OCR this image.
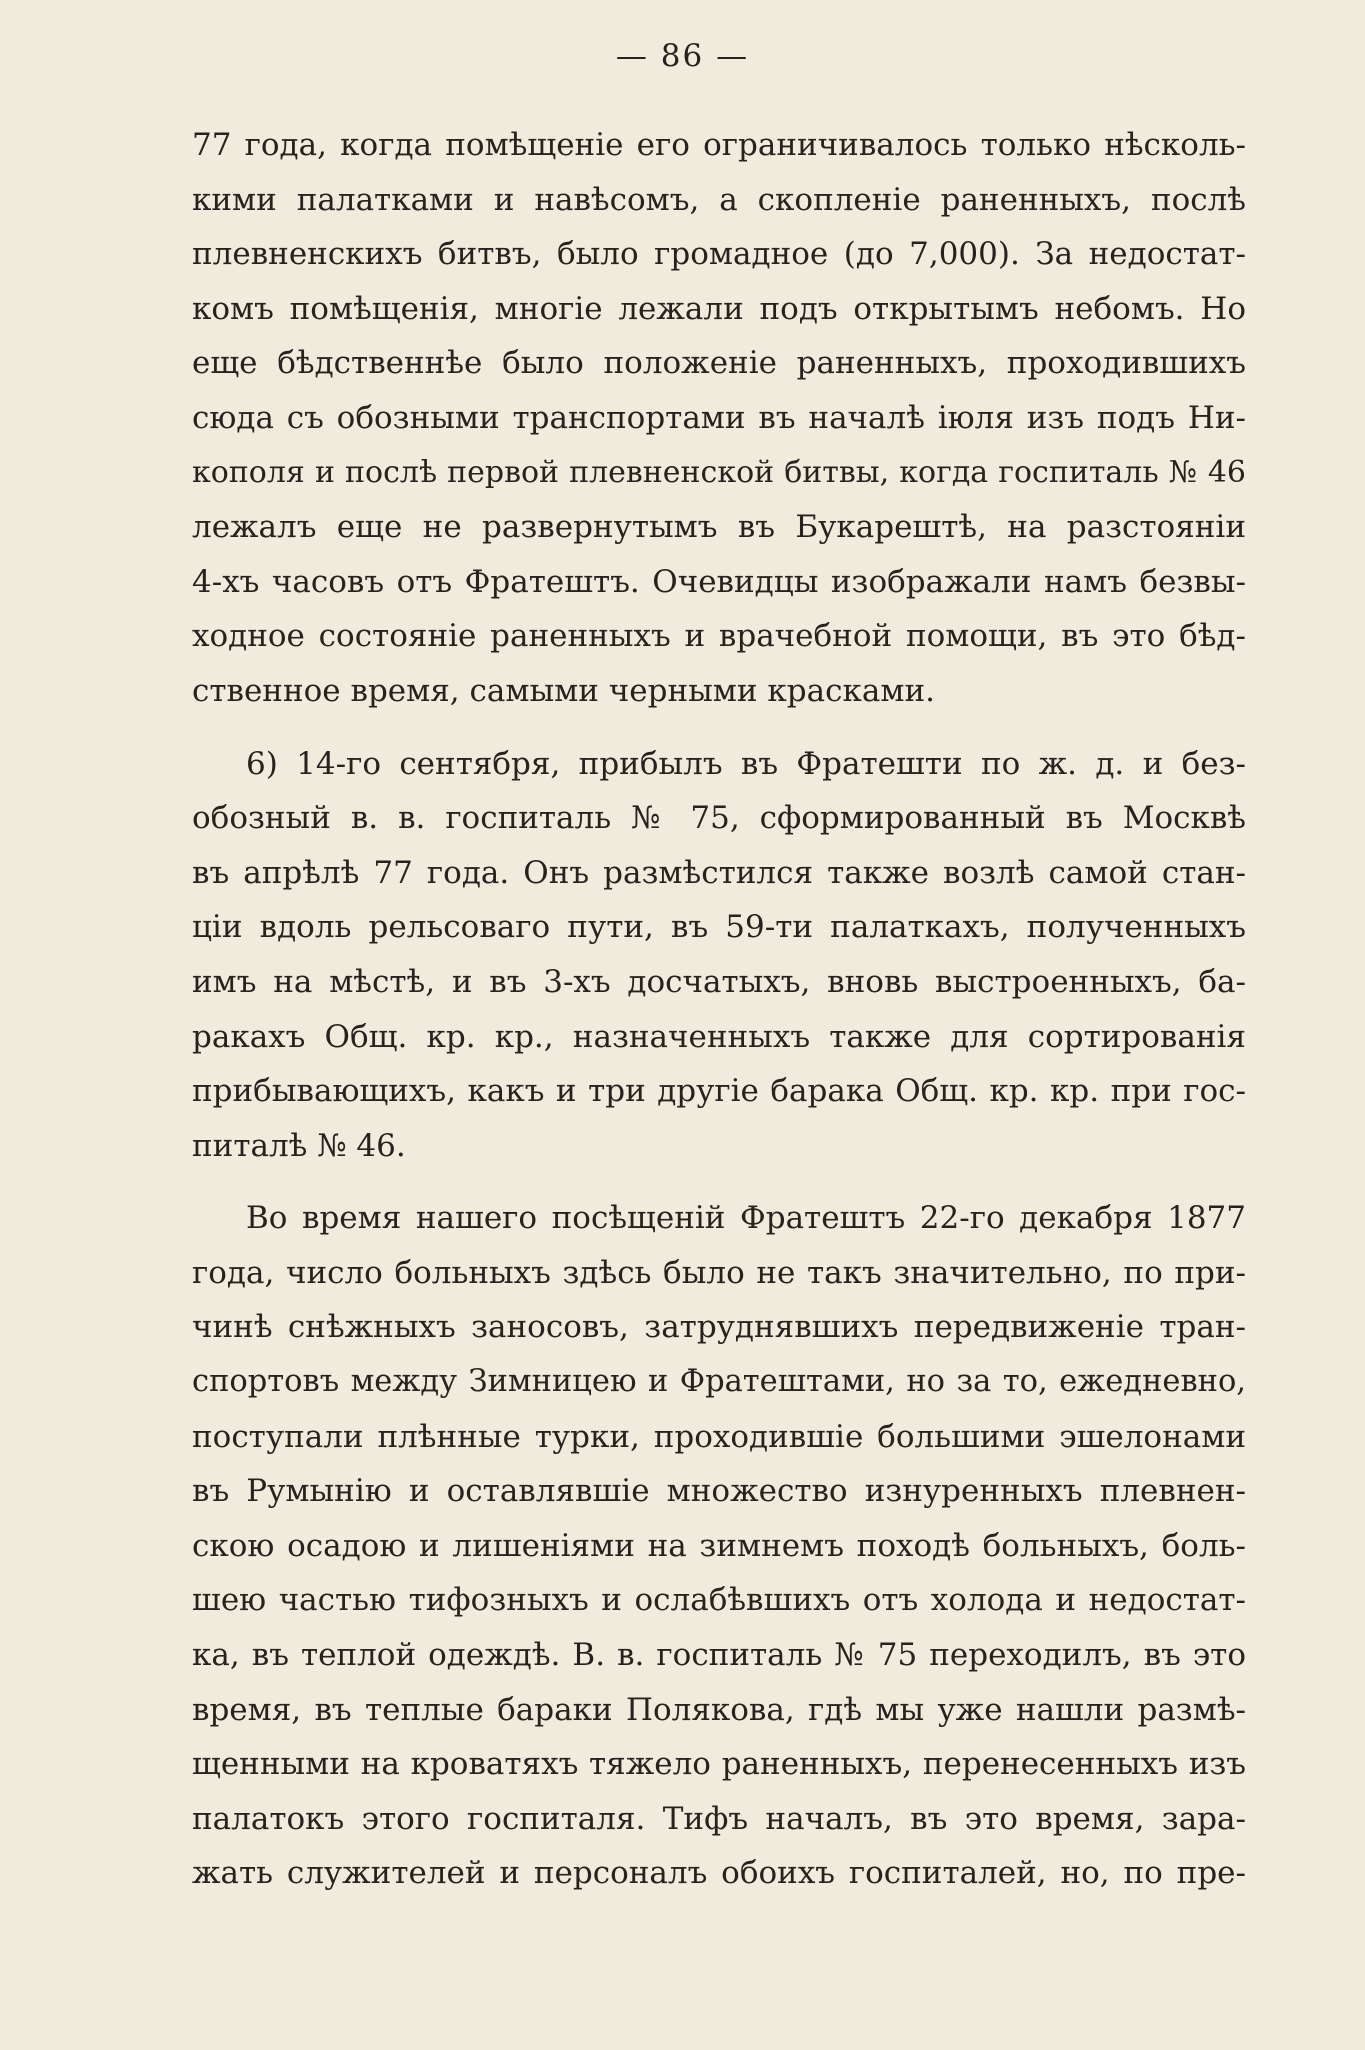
— 86 —
77 года, когда помѣщеніе его ограничивалось только нѣсколь-
кими палатками и навѣсомъ, а скопленіе раненныхъ, послѣ
плевненскихъ битвъ, было громадное (до 7,000). За недостат-
комъ помѣщенія, многіе лежали подъ открытымъ небомъ. Но
еще бѣдственнѣе было положеніе раненныхъ, проходившихъ
сюда съ обозными транспортами въ началѣ іюля изъ подъ Ни-
кополя и послѣ первой плевненской битвы, когда госпиталь № 46
лежалъ еще не развернутымъ въ Букарештѣ, на разстояніи
4-хъ часовъ отъ Фратештъ. Очевидцы изображали намъ безвы-
ходное состояніе раненныхъ и врачебной помощи, въ это бѣд-
ственное время, самыми черными красками.
6) 14-го сентября, прибылъ въ Фратешти по ж. д. и без-
обозный в. в. госпиталь № 75, сформированный въ Москвѣ
въ апрѣлѣ 77 года. Онъ размѣстился также возлѣ самой стан-
ціи вдоль рельсоваго пути, въ 59-ти палаткахъ, полученныхъ
имъ на мѣстѣ, и въ 3-хъ досчатыхъ, вновь выстроенныхъ, ба-
ракахъ Общ. кр. кр., назначенныхъ также для сортированія
прибывающихъ, какъ и три другіе барака Общ. кр. кр. при гос-
питалѣ № 46.
Во время нашего посѣщеній Фратештъ 22-го декабря 1877
года, число больныхъ здѣсь было не такъ значительно, по при-
чинѣ снѣжныхъ заносовъ, затруднявшихъ передвиженіе тран-
спортовъ между Зимницею и Фратештами, но за то, ежедневно,
поступали плѣнные турки, проходившіе большими эшелонами
въ Румынію и оставлявшіе множество изнуренныхъ плевнен-
скою осадою и лишеніями на зимнемъ походѣ больныхъ, боль-
шею частью тифозныхъ и ослабѣвшихъ отъ холода и недостат-
ка, въ теплой одеждѣ. В. в. госпиталь № 75 переходилъ, въ это
время, въ теплые бараки Полякова, гдѣ мы уже нашли размѣ-
щенными на кроватяхъ тяжело раненныхъ, перенесенныхъ изъ
палатокъ этого госпиталя. Тифъ началъ, въ это время, зара-
жать служителей и персоналъ обоихъ госпиталей, но, по пре-
